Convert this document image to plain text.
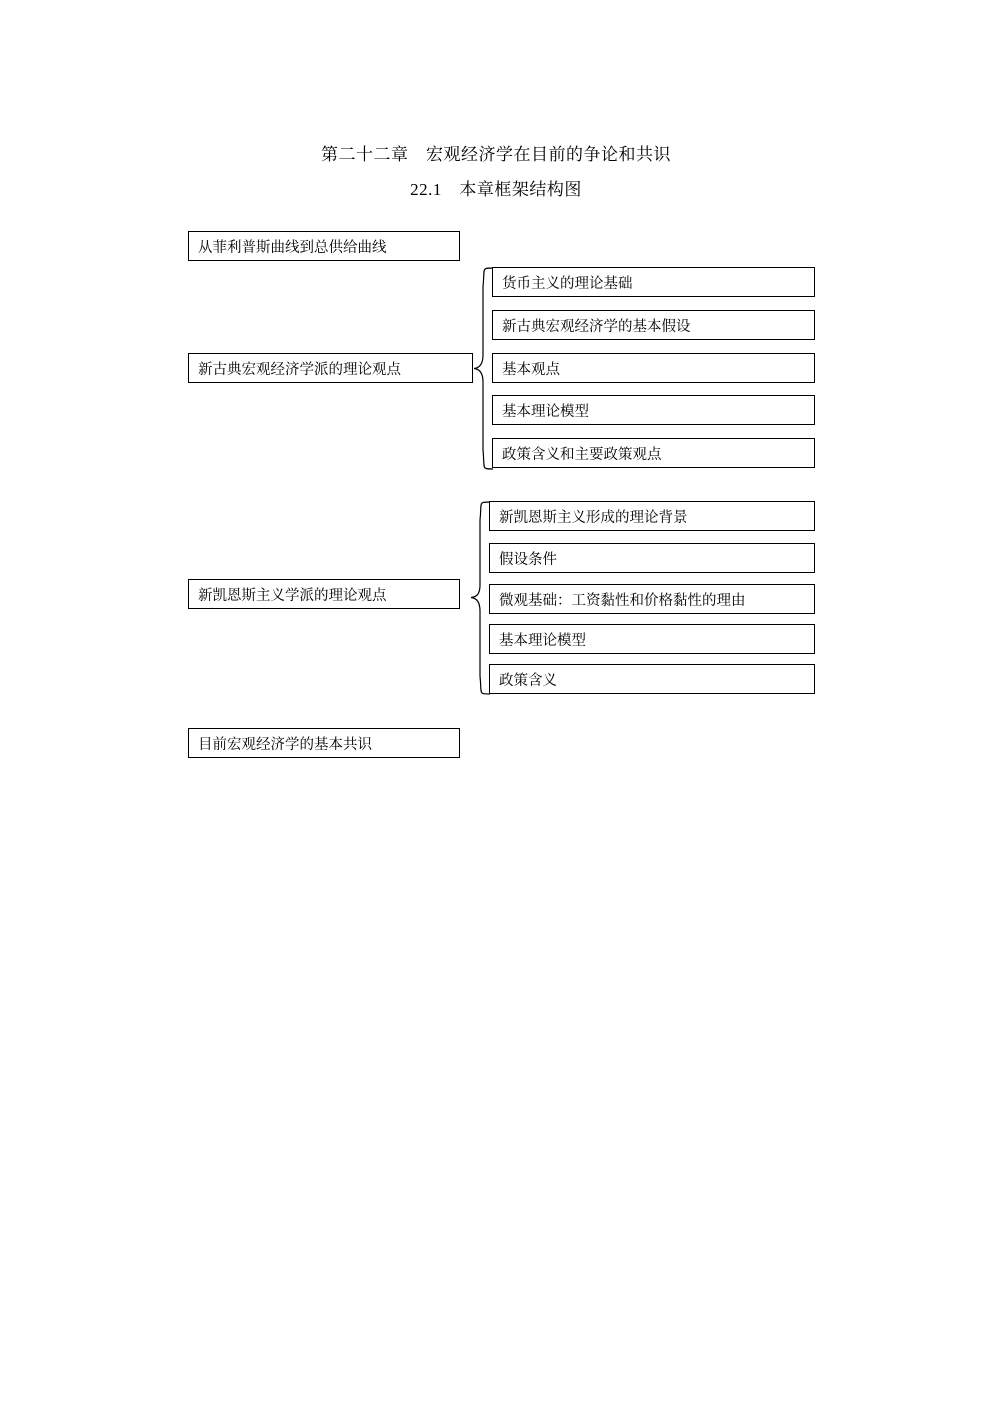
第二十二章　宏观经济学在目前的争论和共识
22.1　本章框架结构图
从菲利普斯曲线到总供给曲线
新古典宏观经济学派的理论观点
货币主义的理论基础
新古典宏观经济学的基本假设
基本观点
基本理论模型
政策含义和主要政策观点
新凯恩斯主义学派的理论观点
新凯恩斯主义形成的理论背景
假设条件
微观基础：工资黏性和价格黏性的理由
基本理论模型
政策含义
目前宏观经济学的基本共识
